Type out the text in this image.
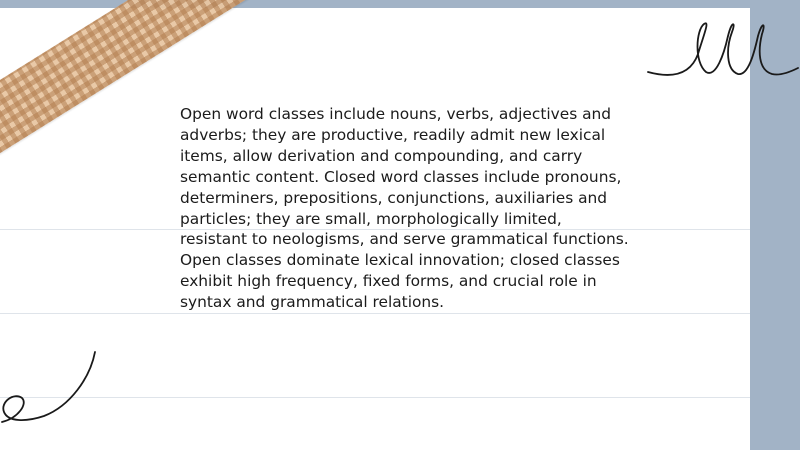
Open word classes include nouns, verbs, adjectives and adverbs; they are productive, readily admit new lexical items, allow derivation and compounding, and carry semantic content. Closed word classes include pronouns, determiners, prepositions, conjunctions, auxiliaries and particles; they are small, morphologically limited, resistant to neologisms, and serve grammatical functions. Open classes dominate lexical innovation; closed classes exhibit high frequency, fixed forms, and crucial role in syntax and grammatical relations.
